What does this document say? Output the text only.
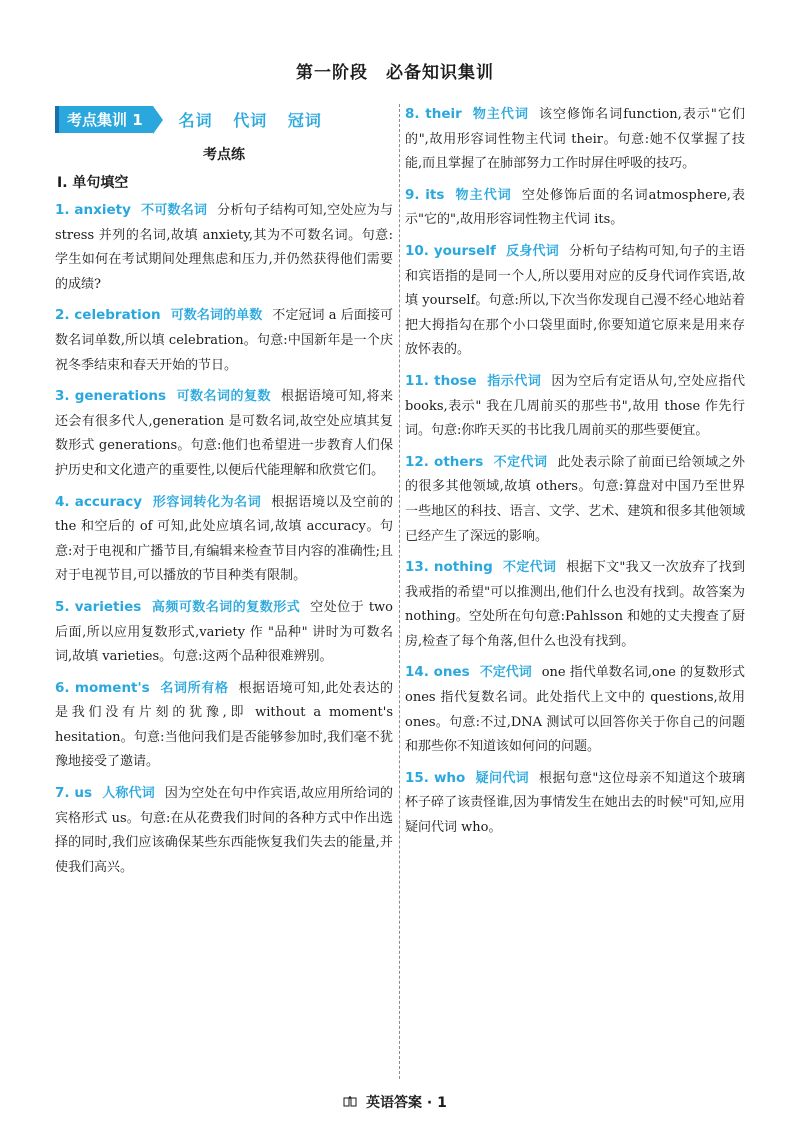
第一阶段　必备知识集训
考点集训 1	名词 代词 冠词
考点练
Ⅰ. 单句填空
1. anxiety 不可数名词 分析句子结构可知,空处应为与 stress 并列的名词,故填 anxiety,其为不可数名词。句意:学生如何在考试期间处理焦虑和压力,并仍然获得他们需要的成绩?
2. celebration 可数名词的单数 不定冠词 a 后面接可数名词单数,所以填 celebration。句意:中国新年是一个庆祝冬季结束和春天开始的节日。
3. generations 可数名词的复数 根据语境可知,将来还会有很多代人,generation 是可数名词,故空处应填其复数形式 generations。句意:他们也希望进一步教育人们保护历史和文化遗产的重要性,以便后代能理解和欣赏它们。
4. accuracy 形容词转化为名词 根据语境以及空前的 the 和空后的 of 可知,此处应填名词,故填 accuracy。句意:对于电视和广播节目,有编辑来检查节目内容的准确性;且对于电视节目,可以播放的节目种类有限制。
5. varieties 高频可数名词的复数形式 空处位于 two 后面,所以应用复数形式,variety 作 "品种" 讲时为可数名词,故填 varieties。句意:这两个品种很难辨别。
6. moment's 名词所有格 根据语境可知,此处表达的是我们没有片刻的犹豫,即 without a moment's hesitation。句意:当他问我们是否能够参加时,我们毫不犹豫地接受了邀请。
7. us 人称代词 因为空处在句中作宾语,故应用所给词的宾格形式 us。句意:在从花费我们时间的各种方式中作出选择的同时,我们应该确保某些东西能恢复我们失去的能量,并使我们高兴。
8. their 物主代词 该空修饰名词function,表示"它们的",故用形容词性物主代词 their。句意:她不仅掌握了技能,而且掌握了在肺部努力工作时屏住呼吸的技巧。
9. its 物主代词 空处修饰后面的名词atmosphere,表示"它的",故用形容词性物主代词 its。
10. yourself 反身代词 分析句子结构可知,句子的主语和宾语指的是同一个人,所以要用对应的反身代词作宾语,故填 yourself。句意:所以,下次当你发现自己漫不经心地站着把大拇指勾在那个小口袋里面时,你要知道它原来是用来存放怀表的。
11. those 指示代词 因为空后有定语从句,空处应指代 books,表示" 我在几周前买的那些书",故用 those 作先行词。句意:你昨天买的书比我几周前买的那些要便宜。
12. others 不定代词 此处表示除了前面已给领域之外的很多其他领域,故填 others。句意:算盘对中国乃至世界一些地区的科技、语言、文学、艺术、建筑和很多其他领域已经产生了深远的影响。
13. nothing 不定代词 根据下文"我又一次放弃了找到我戒指的希望"可以推测出,他们什么也没有找到。故答案为 nothing。空处所在句句意:Pahlsson 和她的丈夫搜查了厨房,检查了每个角落,但什么也没有找到。
14. ones 不定代词 one 指代单数名词,one 的复数形式 ones 指代复数名词。此处指代上文中的 questions,故用 ones。句意:不过,DNA 测试可以回答你关于你自己的问题和那些你不知道该如何问的问题。
15. who 疑问代词 根据句意"这位母亲不知道这个玻璃杯子碎了该责怪谁,因为事情发生在她出去的时候"可知,应用疑问代词 who。
英语答案 · 1
